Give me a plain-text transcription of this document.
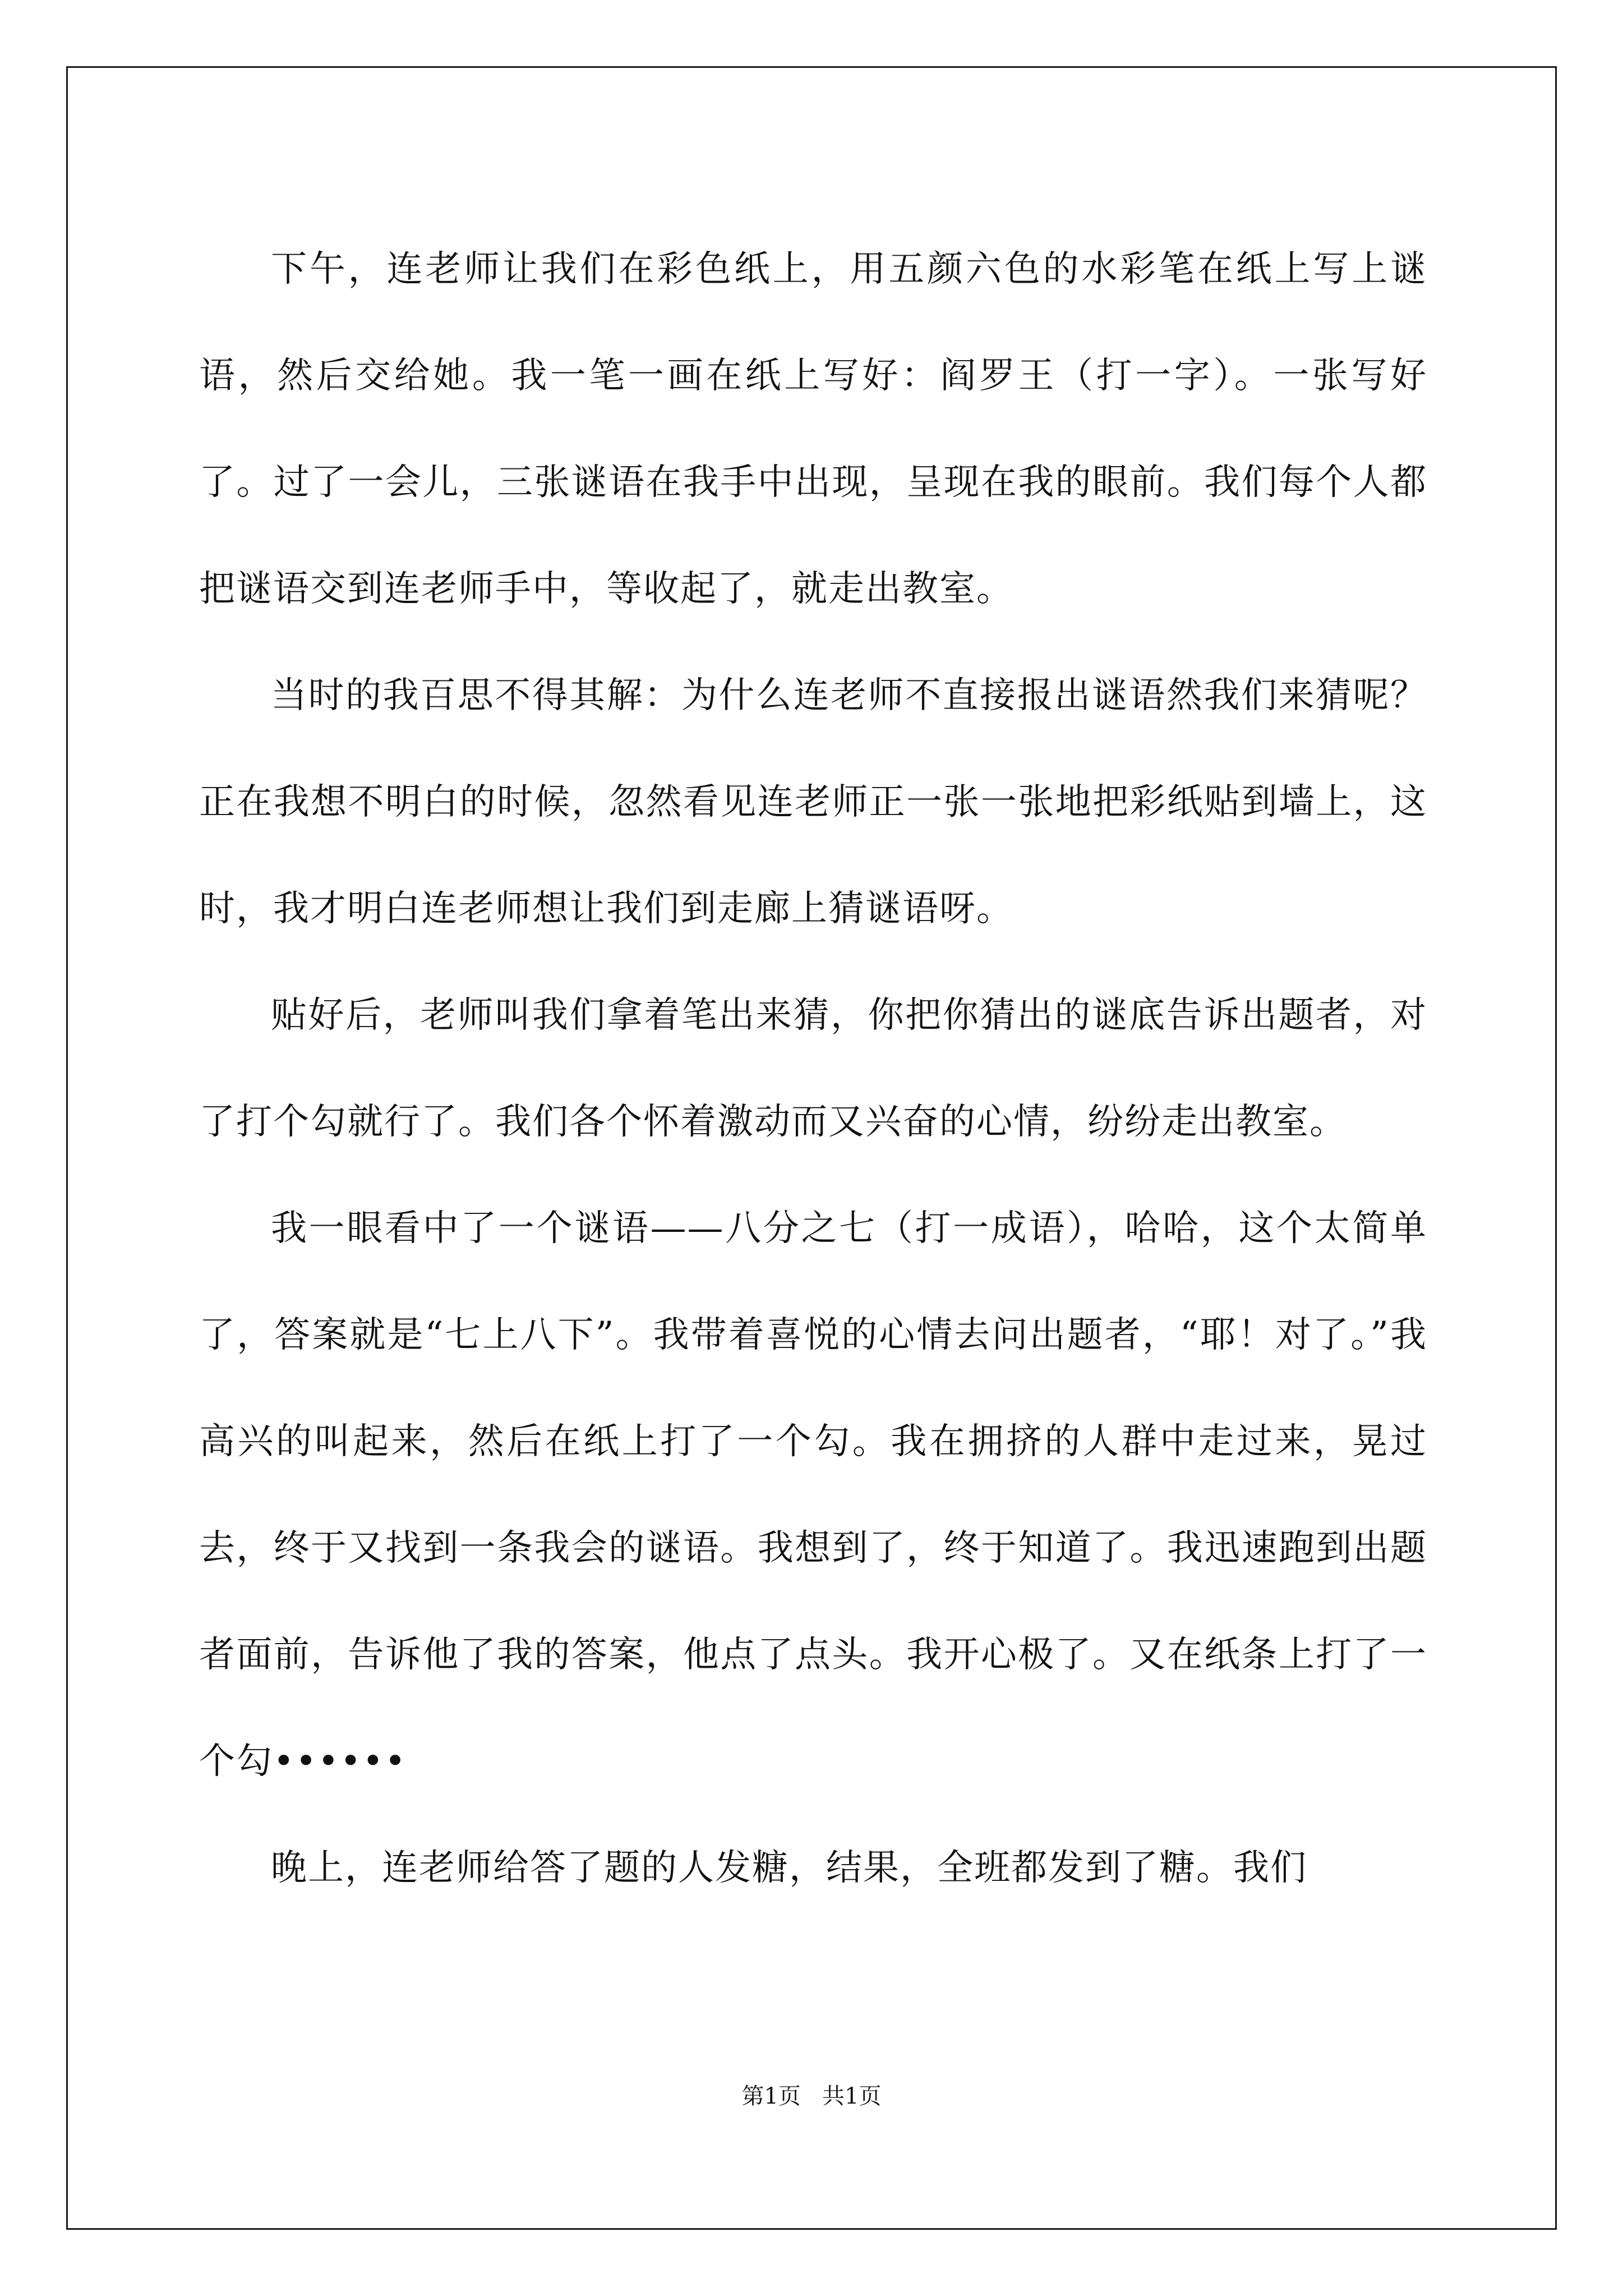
下午，连老师让我们在彩色纸上，用五颜六色的水彩笔在纸上写上谜语，然后交给她。我一笔一画在纸上写好：阎罗王（打一字）。一张写好了。过了一会儿，三张谜语在我手中出现，呈现在我的眼前。我们每个人都把谜语交到连老师手中，等收起了，就走出教室。

当时的我百思不得其解：为什么连老师不直接报出谜语然我们来猜呢？正在我想不明白的时候，忽然看见连老师正一张一张地把彩纸贴到墙上，这时，我才明白连老师想让我们到走廊上猜谜语呀。

贴好后，老师叫我们拿着笔出来猜，你把你猜出的谜底告诉出题者，对了打个勾就行了。我们各个怀着激动而又兴奋的心情，纷纷走出教室。

我一眼看中了一个谜语——八分之七（打一成语），哈哈，这个太简单了，答案就是“七上八下”。我带着喜悦的心情去问出题者，“耶！对了。”我高兴的叫起来，然后在纸上打了一个勾。我在拥挤的人群中走过来，晃过去，终于又找到一条我会的谜语。我想到了，终于知道了。我迅速跑到出题者面前，告诉他了我的答案，他点了点头。我开心极了。又在纸条上打了一个勾••••••

晚上，连老师给答了题的人发糖，结果，全班都发到了糖。我们

第1页   共1页
